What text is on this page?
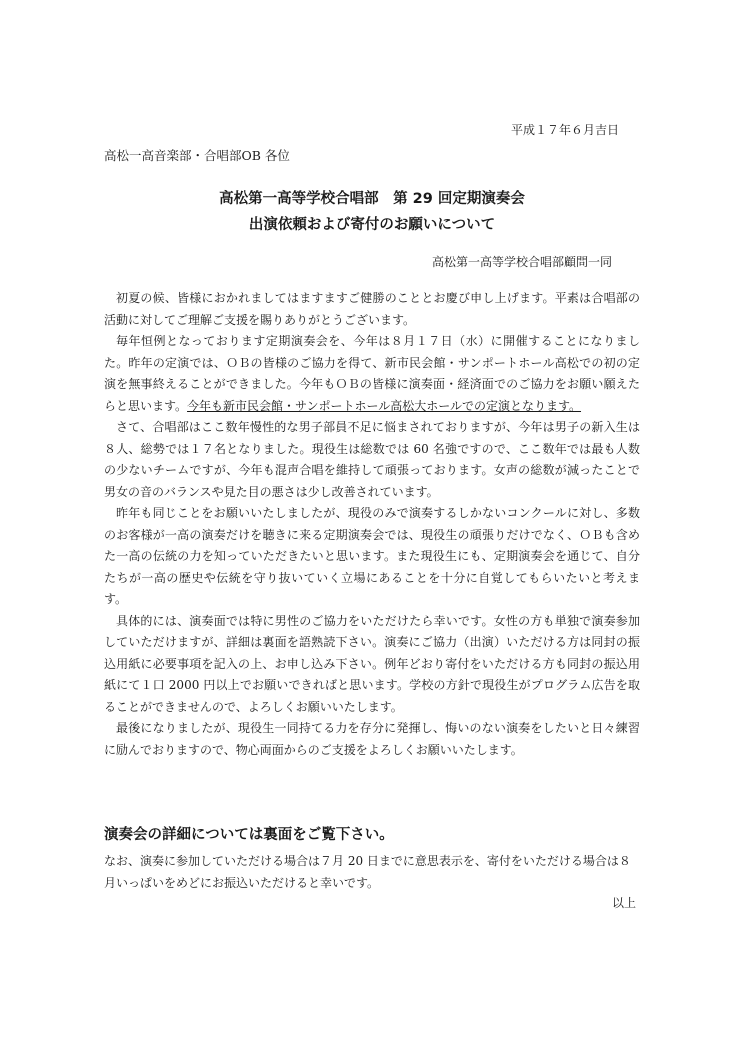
平成１７年６月吉日
高松一高音楽部・合唱部OB 各位
高松第一高等学校合唱部　第 29 回定期演奏会
出演依頼および寄付のお願いについて
高松第一高等学校合唱部顧問一同

初夏の候、皆様におかれましてはますますご健勝のこととお慶び申し上げます。平素は合唱部の活動に対してご理解ご支援を賜りありがとうございます。

毎年恒例となっております定期演奏会を、今年は８月１７日（水）に開催することになりました。昨年の定演では、ＯＢの皆様のご協力を得て、新市民会館・サンポートホール高松での初の定演を無事終えることができました。今年もＯＢの皆様に演奏面・経済面でのご協力をお願い願えたらと思います。今年も新市民会館・サンポートホール高松大ホールでの定演となります。

さて、合唱部はここ数年慢性的な男子部員不足に悩まされておりますが、今年は男子の新入生は８人、総勢では１７名となりました。現役生は総数では 60 名強ですので、ここ数年では最も人数の少ないチームですが、今年も混声合唱を維持して頑張っております。女声の総数が減ったことで男女の音のバランスや見た目の悪さは少し改善されています。

昨年も同じことをお願いいたしましたが、現役のみで演奏するしかないコンクールに対し、多数のお客様が一高の演奏だけを聴きに来る定期演奏会では、現役生の頑張りだけでなく、ＯＢも含めた一高の伝統の力を知っていただきたいと思います。また現役生にも、定期演奏会を通じて、自分たちが一高の歴史や伝統を守り抜いていく立場にあることを十分に自覚してもらいたいと考えます。

具体的には、演奏面では特に男性のご協力をいただけたら幸いです。女性の方も単独で演奏参加していただけますが、詳細は裏面を語熟読下さい。演奏にご協力（出演）いただける方は同封の振込用紙に必要事項を記入の上、お申し込み下さい。例年どおり寄付をいただける方も同封の振込用紙にて１口 2000 円以上でお願いできればと思います。学校の方針で現役生がプログラム広告を取ることができませんので、よろしくお願いいたします。

最後になりましたが、現役生一同持てる力を存分に発揮し、悔いのない演奏をしたいと日々練習に励んでおりますので、物心両面からのご支援をよろしくお願いいたします。

演奏会の詳細については裏面をご覧下さい。
なお、演奏に参加していただける場合は７月 20 日までに意思表示を、寄付をいただける場合は８月いっぱいをめどにお振込いただけると幸いです。
以上
